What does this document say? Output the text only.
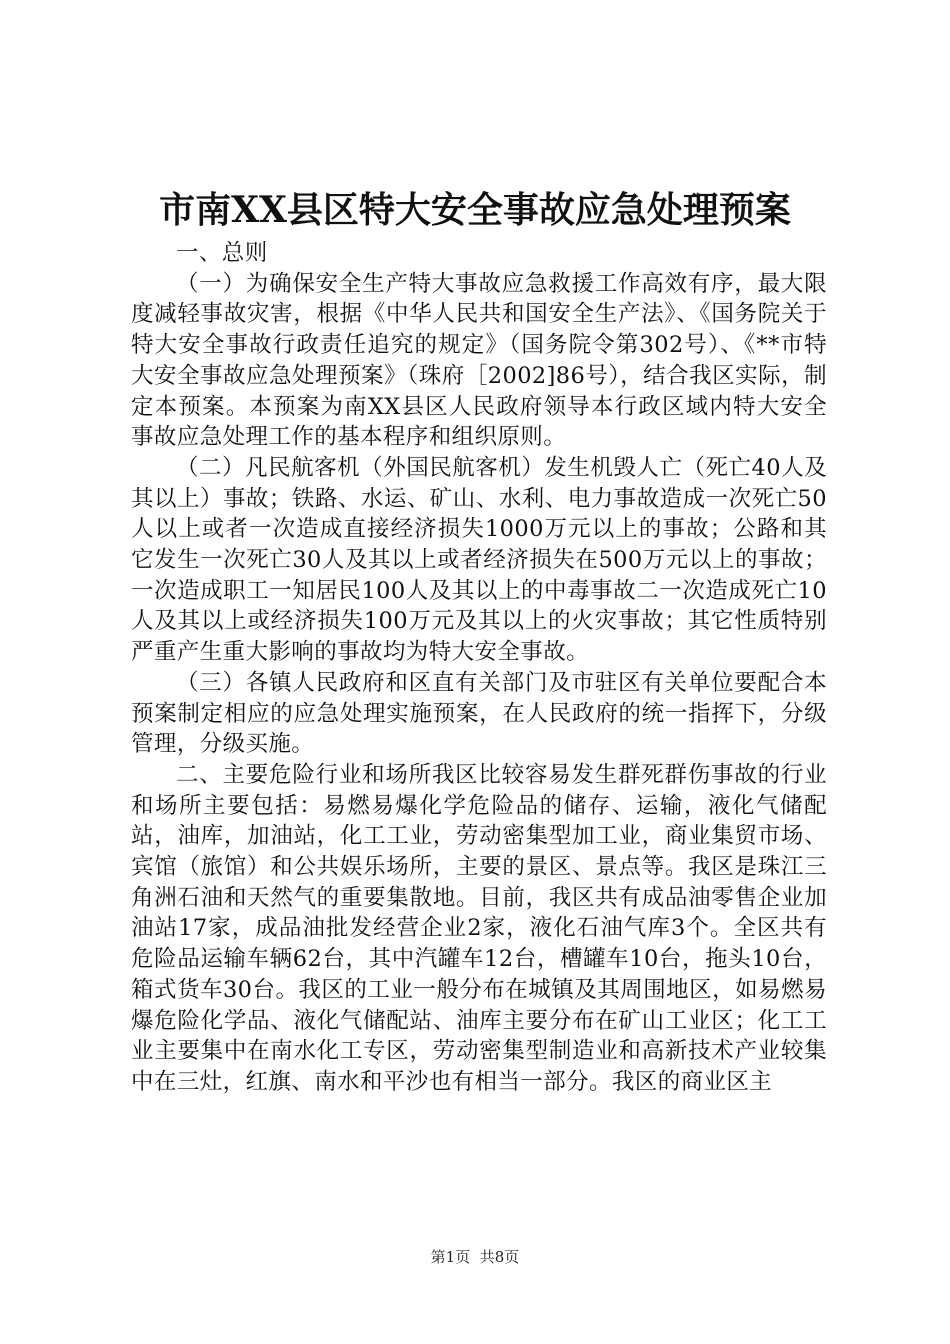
市南XX县区特大安全事故应急处理预案

一、总则

（一）为确保安全生产特大事故应急救援工作高效有序，最大限度减轻事故灾害，根据《中华人民共和国安全生产法》、《国务院关于特大安全事故行政责任追究的规定》（国务院令第302号）、《**市特大安全事故应急处理预案》（珠府［2002]86号），结合我区实际，制定本预案。本预案为南XX县区人民政府领导本行政区域内特大安全事故应急处理工作的基本程序和组织原则。

（二）凡民航客机（外国民航客机）发生机毁人亡（死亡40人及其以上）事故；铁路、水运、矿山、水利、电力事故造成一次死亡50人以上或者一次造成直接经济损失1000万元以上的事故；公路和其它发生一次死亡30人及其以上或者经济损失在500万元以上的事故；一次造成职工一知居民100人及其以上的中毒事故二一次造成死亡10人及其以上或经济损失100万元及其以上的火灾事故；其它性质特别严重产生重大影响的事故均为特大安全事故。

（三）各镇人民政府和区直有关部门及市驻区有关单位要配合本预案制定相应的应急处理实施预案，在人民政府的统一指挥下，分级管理，分级买施。

二、主要危险行业和场所我区比较容易发生群死群伤事故的行业和场所主要包括：易燃易爆化学危险品的储存、运输，液化气储配站，油库，加油站，化工工业，劳动密集型加工业，商业集贸市场、宾馆（旅馆）和公共娱乐场所，主要的景区、景点等。我区是珠江三角洲石油和天然气的重要集散地。目前，我区共有成品油零售企业加油站17家，成品油批发经营企业2家，液化石油气库3个。全区共有危险品运输车辆62台，其中汽罐车12台，槽罐车10台，拖头10台，箱式货车30台。我区的工业一般分布在城镇及其周围地区，如易燃易爆危险化学品、液化气储配站、油库主要分布在矿山工业区；化工工业主要集中在南水化工专区，劳动密集型制造业和高新技术产业较集中在三灶，红旗、南水和平沙也有相当一部分。我区的商业区主

第1页 共8页
